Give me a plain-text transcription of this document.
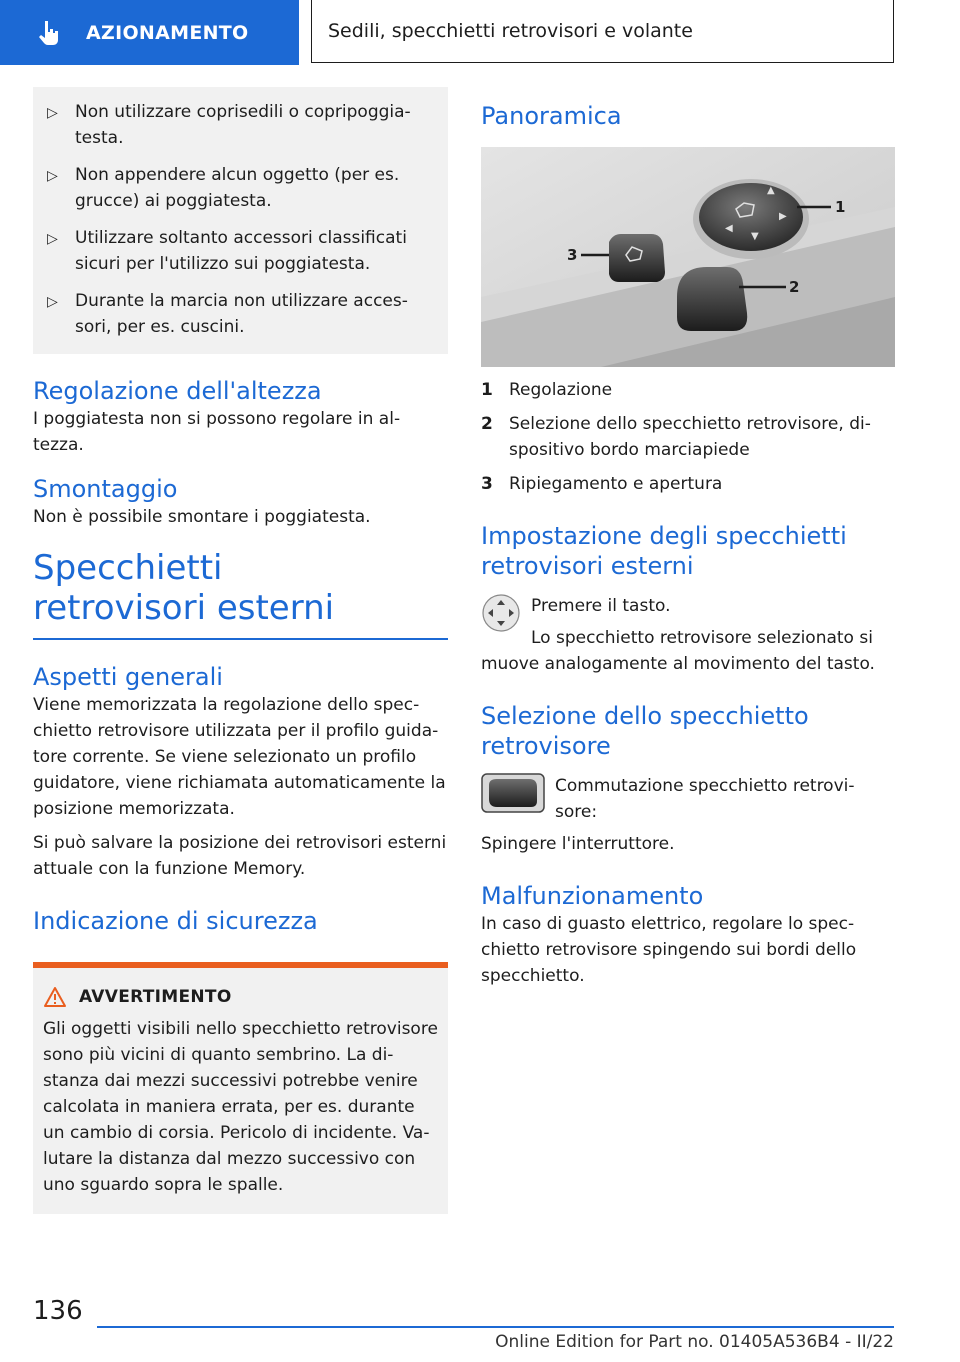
AZIONAMENTO	Sedili, specchietti retrovisori e volante
▷	Non utilizzare coprisedili o copripoggia-testa.
▷	Non appendere alcun oggetto (per es. grucce) ai poggiatesta.
▷	Utilizzare soltanto accessori classificati sicuri per l'utilizzo sui poggiatesta.
▷	Durante la marcia non utilizzare acces-sori, per es. cuscini.
Regolazione dell'altezza

I poggiatesta non si possono regolare in al-tezza.

Smontaggio

Non è possibile smontare i poggiatesta.

Specchietti retrovisori esterni
Aspetti generali

Viene memorizzata la regolazione dello spec-chietto retrovisore utilizzata per il profilo guida-tore corrente. Se viene selezionato un profilo guidatore, viene richiamata automaticamente la posizione memorizzata.

Si può salvare la posizione dei retrovisori esterni attuale con la funzione Memory.

Indicazione di sicurezza
AVVERTIMENTO

Gli oggetti visibili nello specchietto retrovisore sono più vicini di quanto sembrino. La di-stanza dai mezzi successivi potrebbe venire calcolata in maniera errata, per es. durante un cambio di corsia. Pericolo di incidente. Va-lutare la distanza dal mezzo successivo con uno sguardo sopra le spalle.

Panoramica
▲
◀
▶
▼
1
2
3
1 Regolazione
2 Selezione dello specchietto retrovisore, di-spositivo bordo marciapiede
3 Ripiegamento e apertura
Impostazione degli specchietti retrovisori esterni

Premere il tasto.

Lo specchietto retrovisore selezionato si muove analogamente al movimento del tasto.

Selezione dello specchietto retrovisore

Commutazione specchietto retrovi-sore:

Spingere l'interruttore.

Malfunzionamento

In caso di guasto elettrico, regolare lo spec-chietto retrovisore spingendo sui bordi dello specchietto.

136
Online Edition for Part no. 01405A536B4 - II/22
